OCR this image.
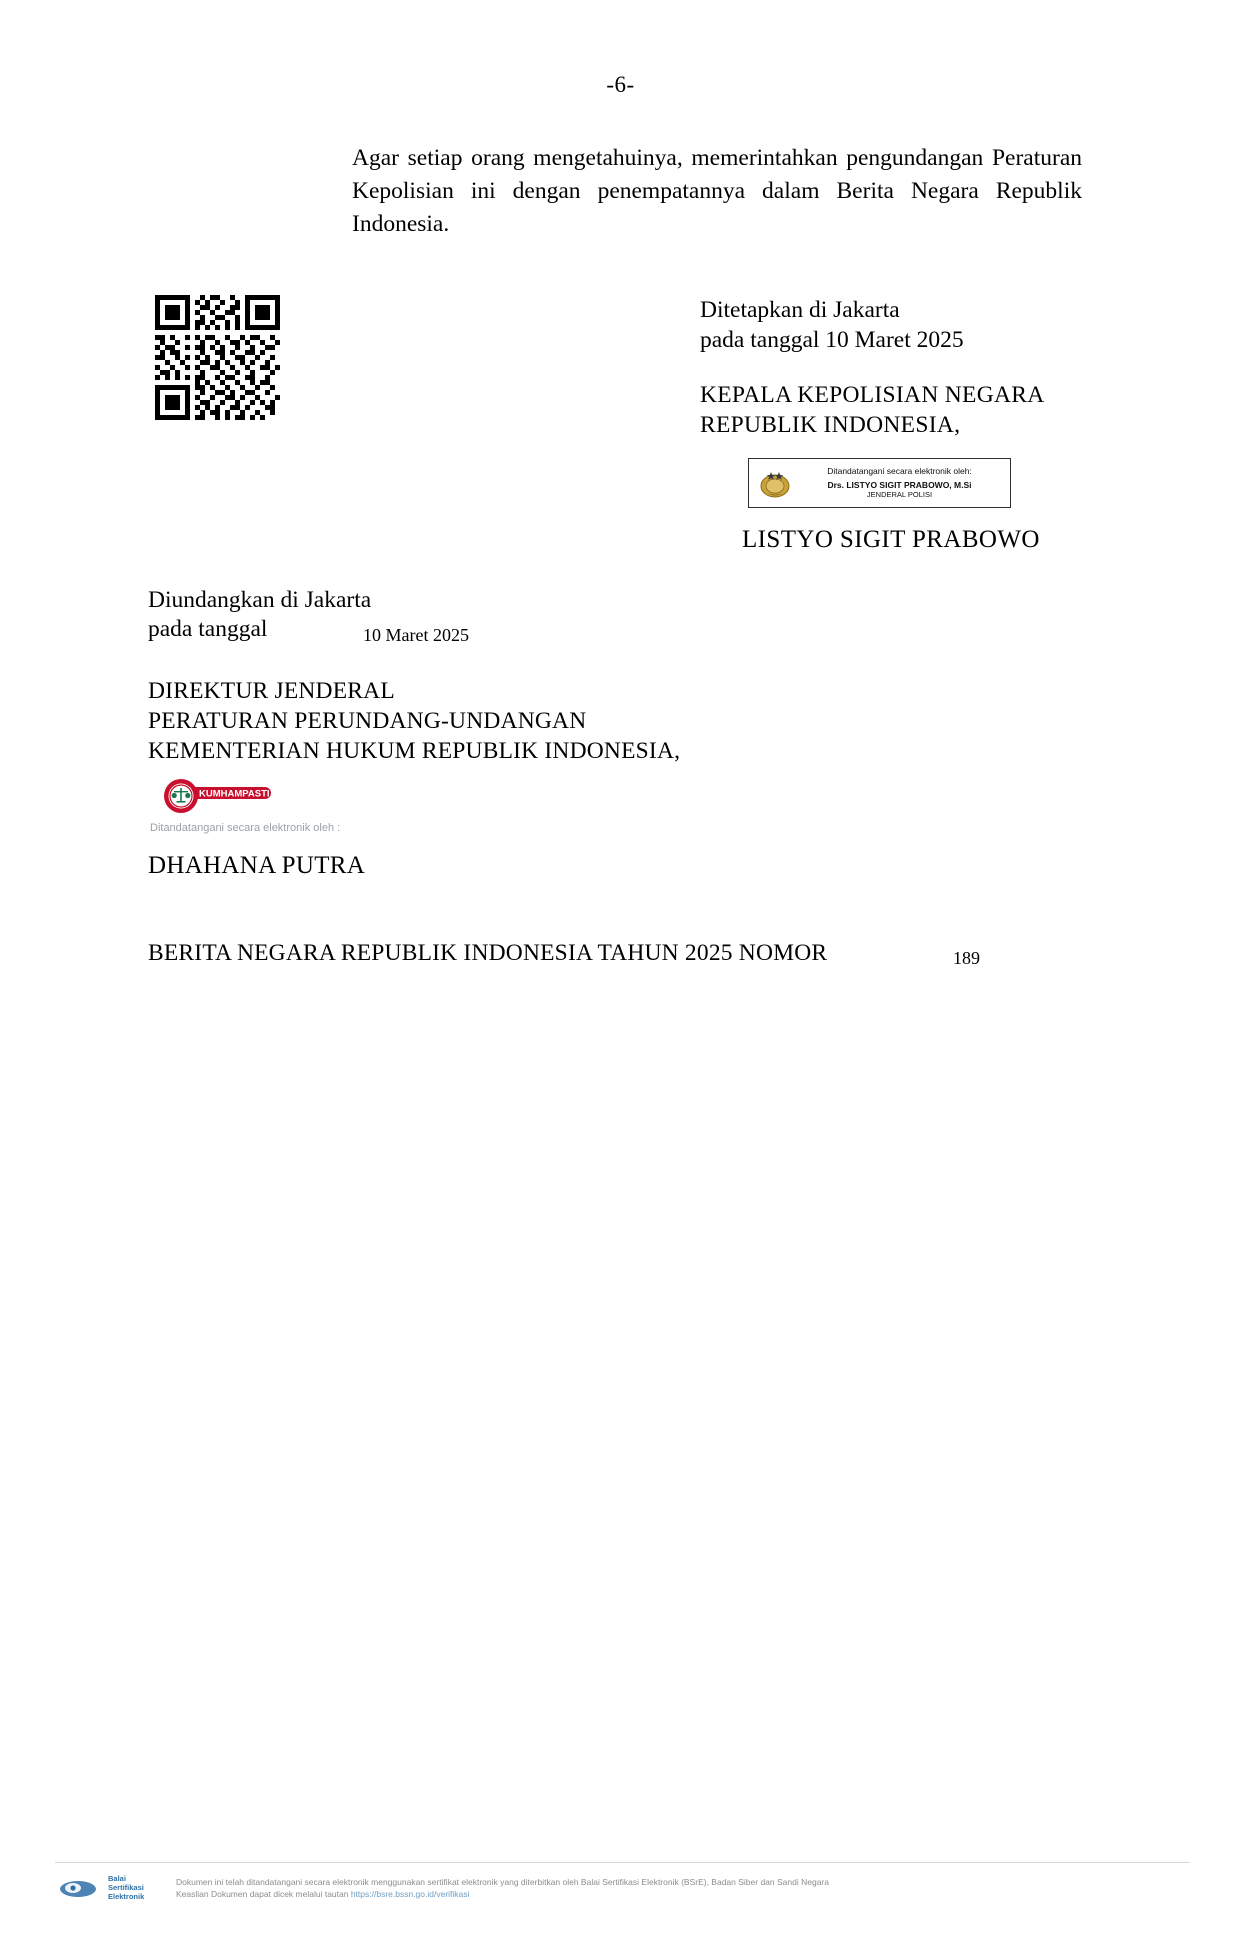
-6-
Agar setiap orang mengetahuinya, memerintahkan pengundangan Peraturan Kepolisian ini dengan penempatannya dalam Berita Negara Republik Indonesia.
Ditetapkan di Jakarta
pada tanggal 10 Maret 2025
KEPALA KEPOLISIAN NEGARA
REPUBLIK INDONESIA,
Ditandatangani secara elektronik oleh:
Drs. LISTYO SIGIT PRABOWO, M.Si
JENDERAL POLISI
LISTYO SIGIT PRABOWO
Diundangkan di Jakarta
pada tanggal	10 Maret 2025
DIREKTUR JENDERAL
PERATURAN PERUNDANG-UNDANGAN
KEMENTERIAN HUKUM REPUBLIK INDONESIA,
KUMHAMPASTI
Ditandatangani secara elektronik oleh :
DHAHANA PUTRA
BERITA NEGARA REPUBLIK INDONESIA TAHUN 2025 NOMOR	189
Balai
Sertifikasi
Elektronik
Dokumen ini telah ditandatangani secara elektronik menggunakan sertifikat elektronik yang diterbitkan oleh Balai Sertifikasi Elektronik (BSrE), Badan Siber dan Sandi Negara
Keaslian Dokumen dapat dicek melalui tautan https://bsre.bssn.go.id/verifikasi
